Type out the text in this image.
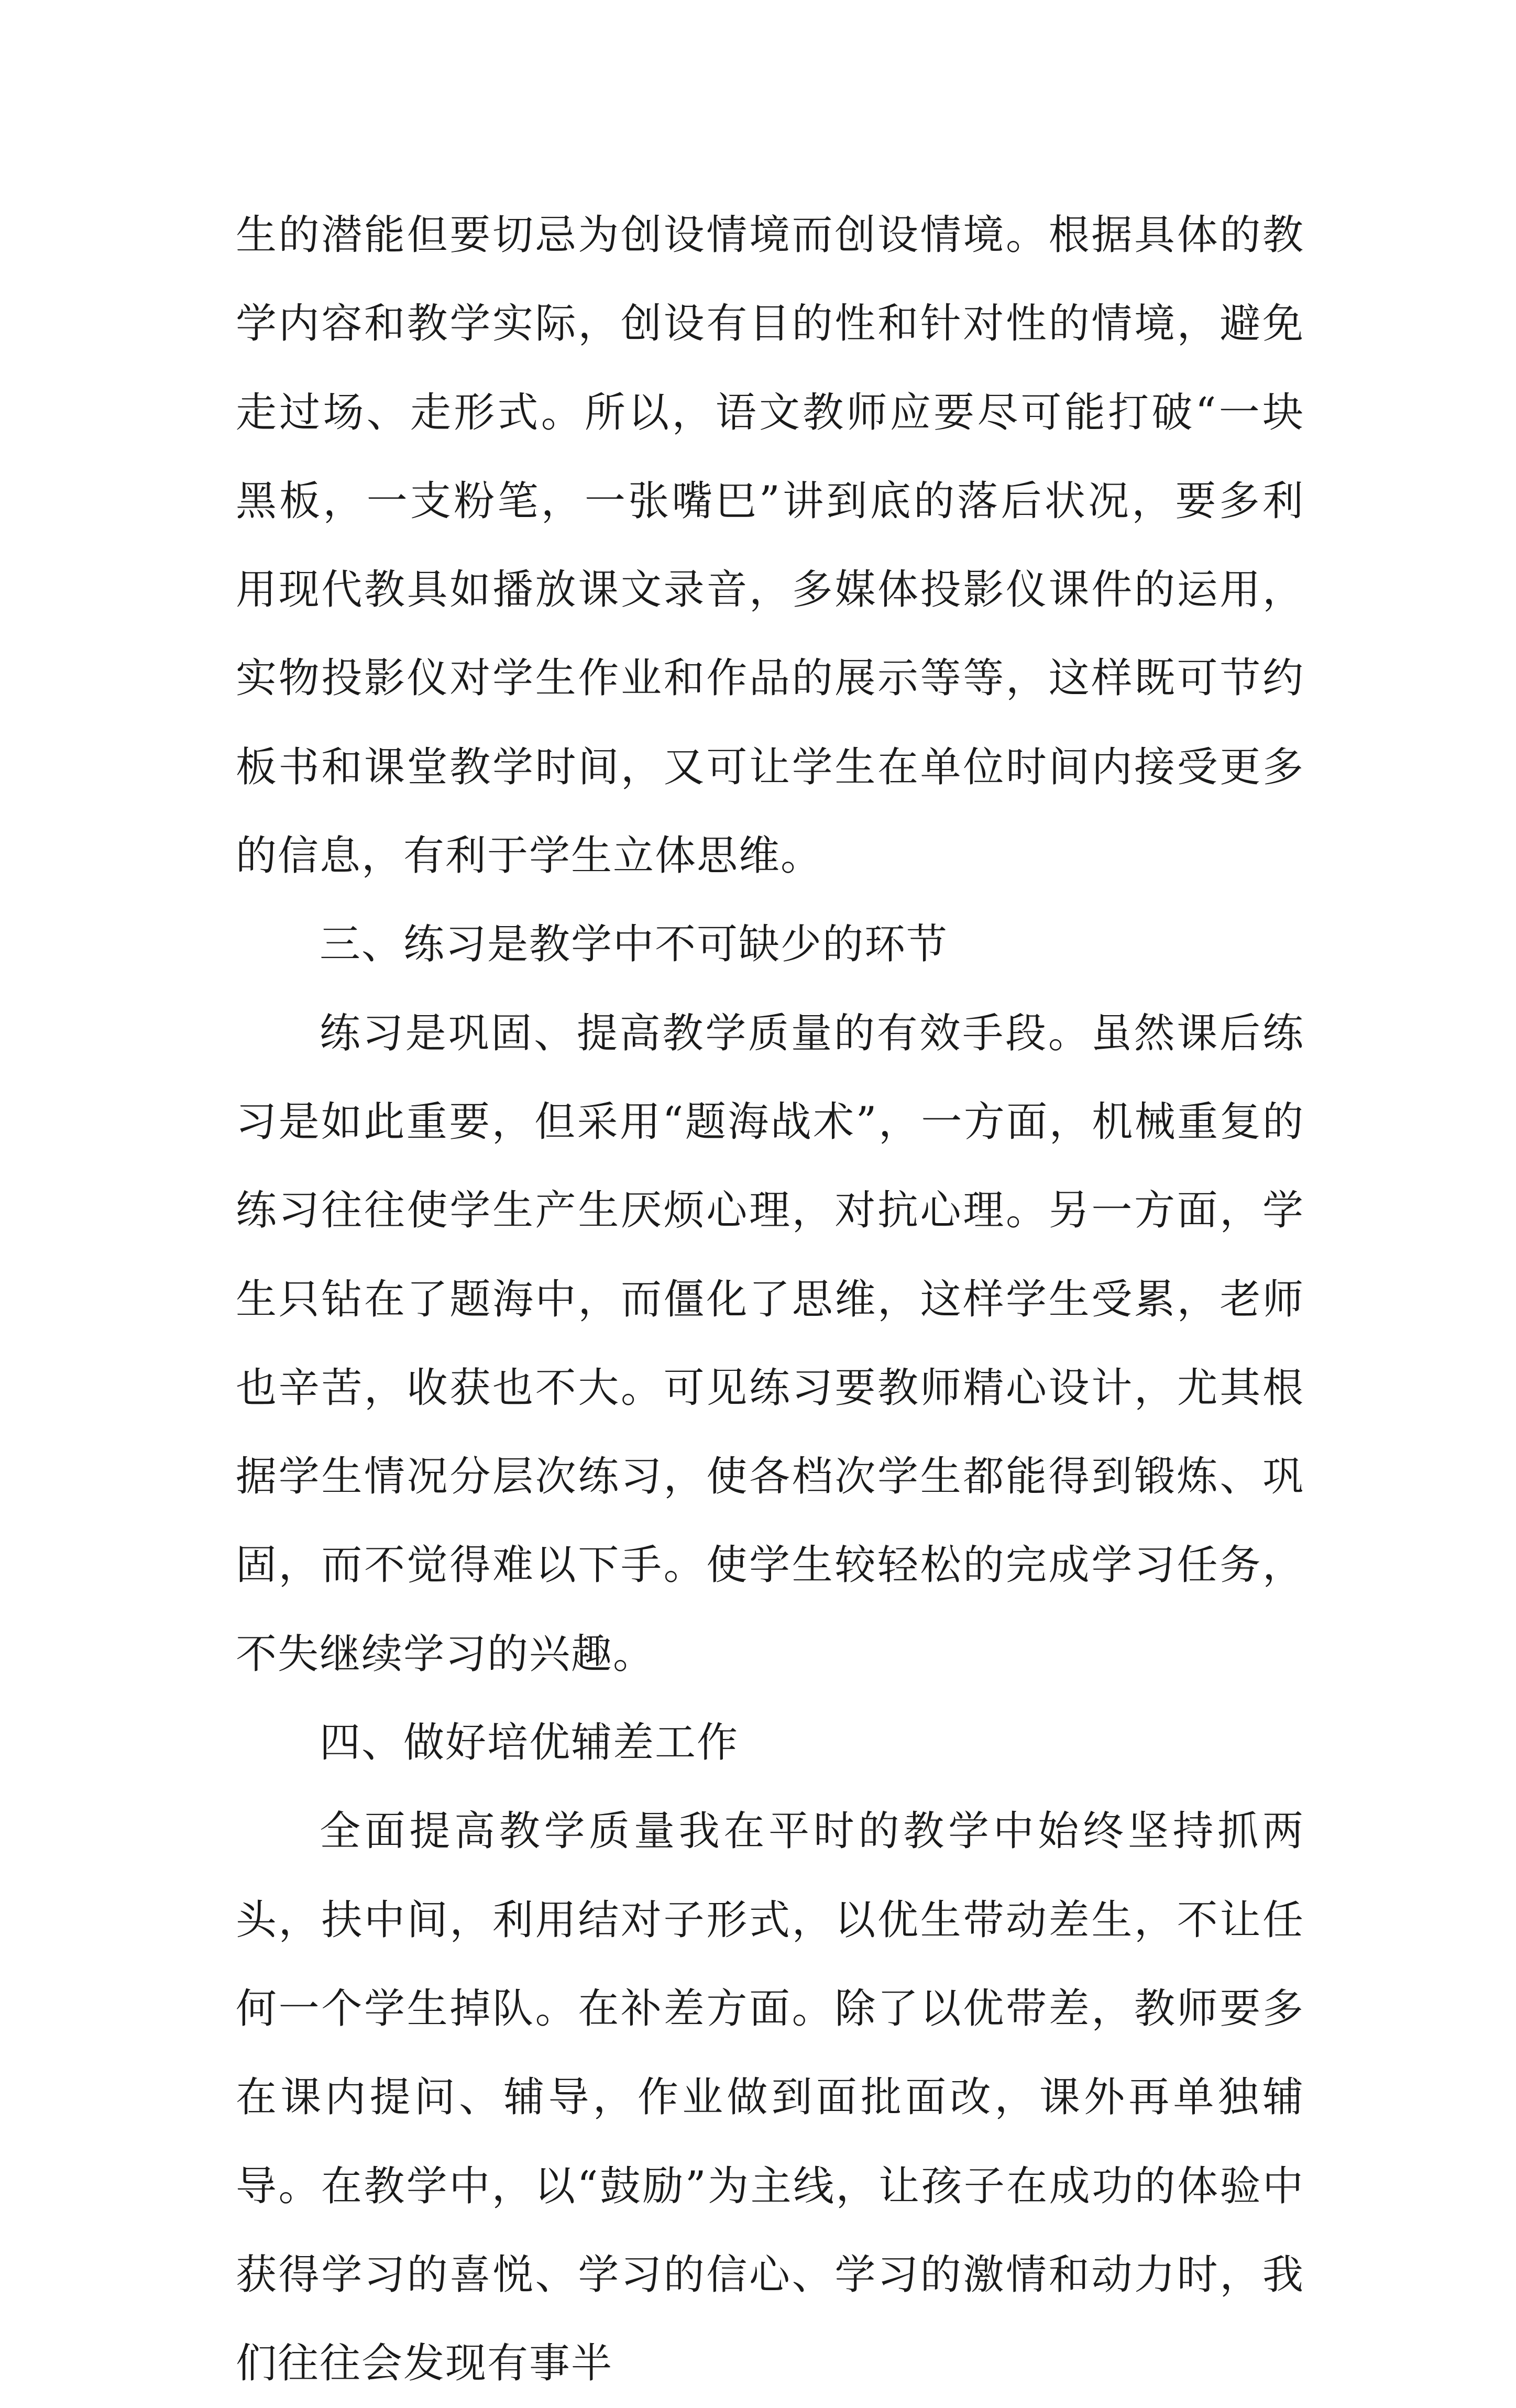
生的潜能但要切忌为创设情境而创设情境。根据具体的教学内容和教学实际，创设有目的性和针对性的情境，避免走过场、走形式。所以，语文教师应要尽可能打破“一块黑板，一支粉笔，一张嘴巴”讲到底的落后状况，要多利用现代教具如播放课文录音，多媒体投影仪课件的运用，实物投影仪对学生作业和作品的展示等等，这样既可节约板书和课堂教学时间，又可让学生在单位时间内接受更多的信息，有利于学生立体思维。

三、练习是教学中不可缺少的环节

练习是巩固、提高教学质量的有效手段。虽然课后练习是如此重要，但采用“题海战术”，一方面，机械重复的练习往往使学生产生厌烦心理，对抗心理。另一方面，学生只钻在了题海中，而僵化了思维，这样学生受累，老师也辛苦，收获也不大。可见练习要教师精心设计，尤其根据学生情况分层次练习，使各档次学生都能得到锻炼、巩固，而不觉得难以下手。使学生较轻松的完成学习任务，不失继续学习的兴趣。

四、做好培优辅差工作

全面提高教学质量我在平时的教学中始终坚持抓两头，扶中间，利用结对子形式，以优生带动差生，不让任何一个学生掉队。在补差方面。除了以优带差，教师要多在课内提问、辅导，作业做到面批面改，课外再单独辅导。在教学中，以“鼓励”为主线，让孩子在成功的体验中获得学习的喜悦、学习的信心、学习的激情和动力时，我们往往会发现有事半
